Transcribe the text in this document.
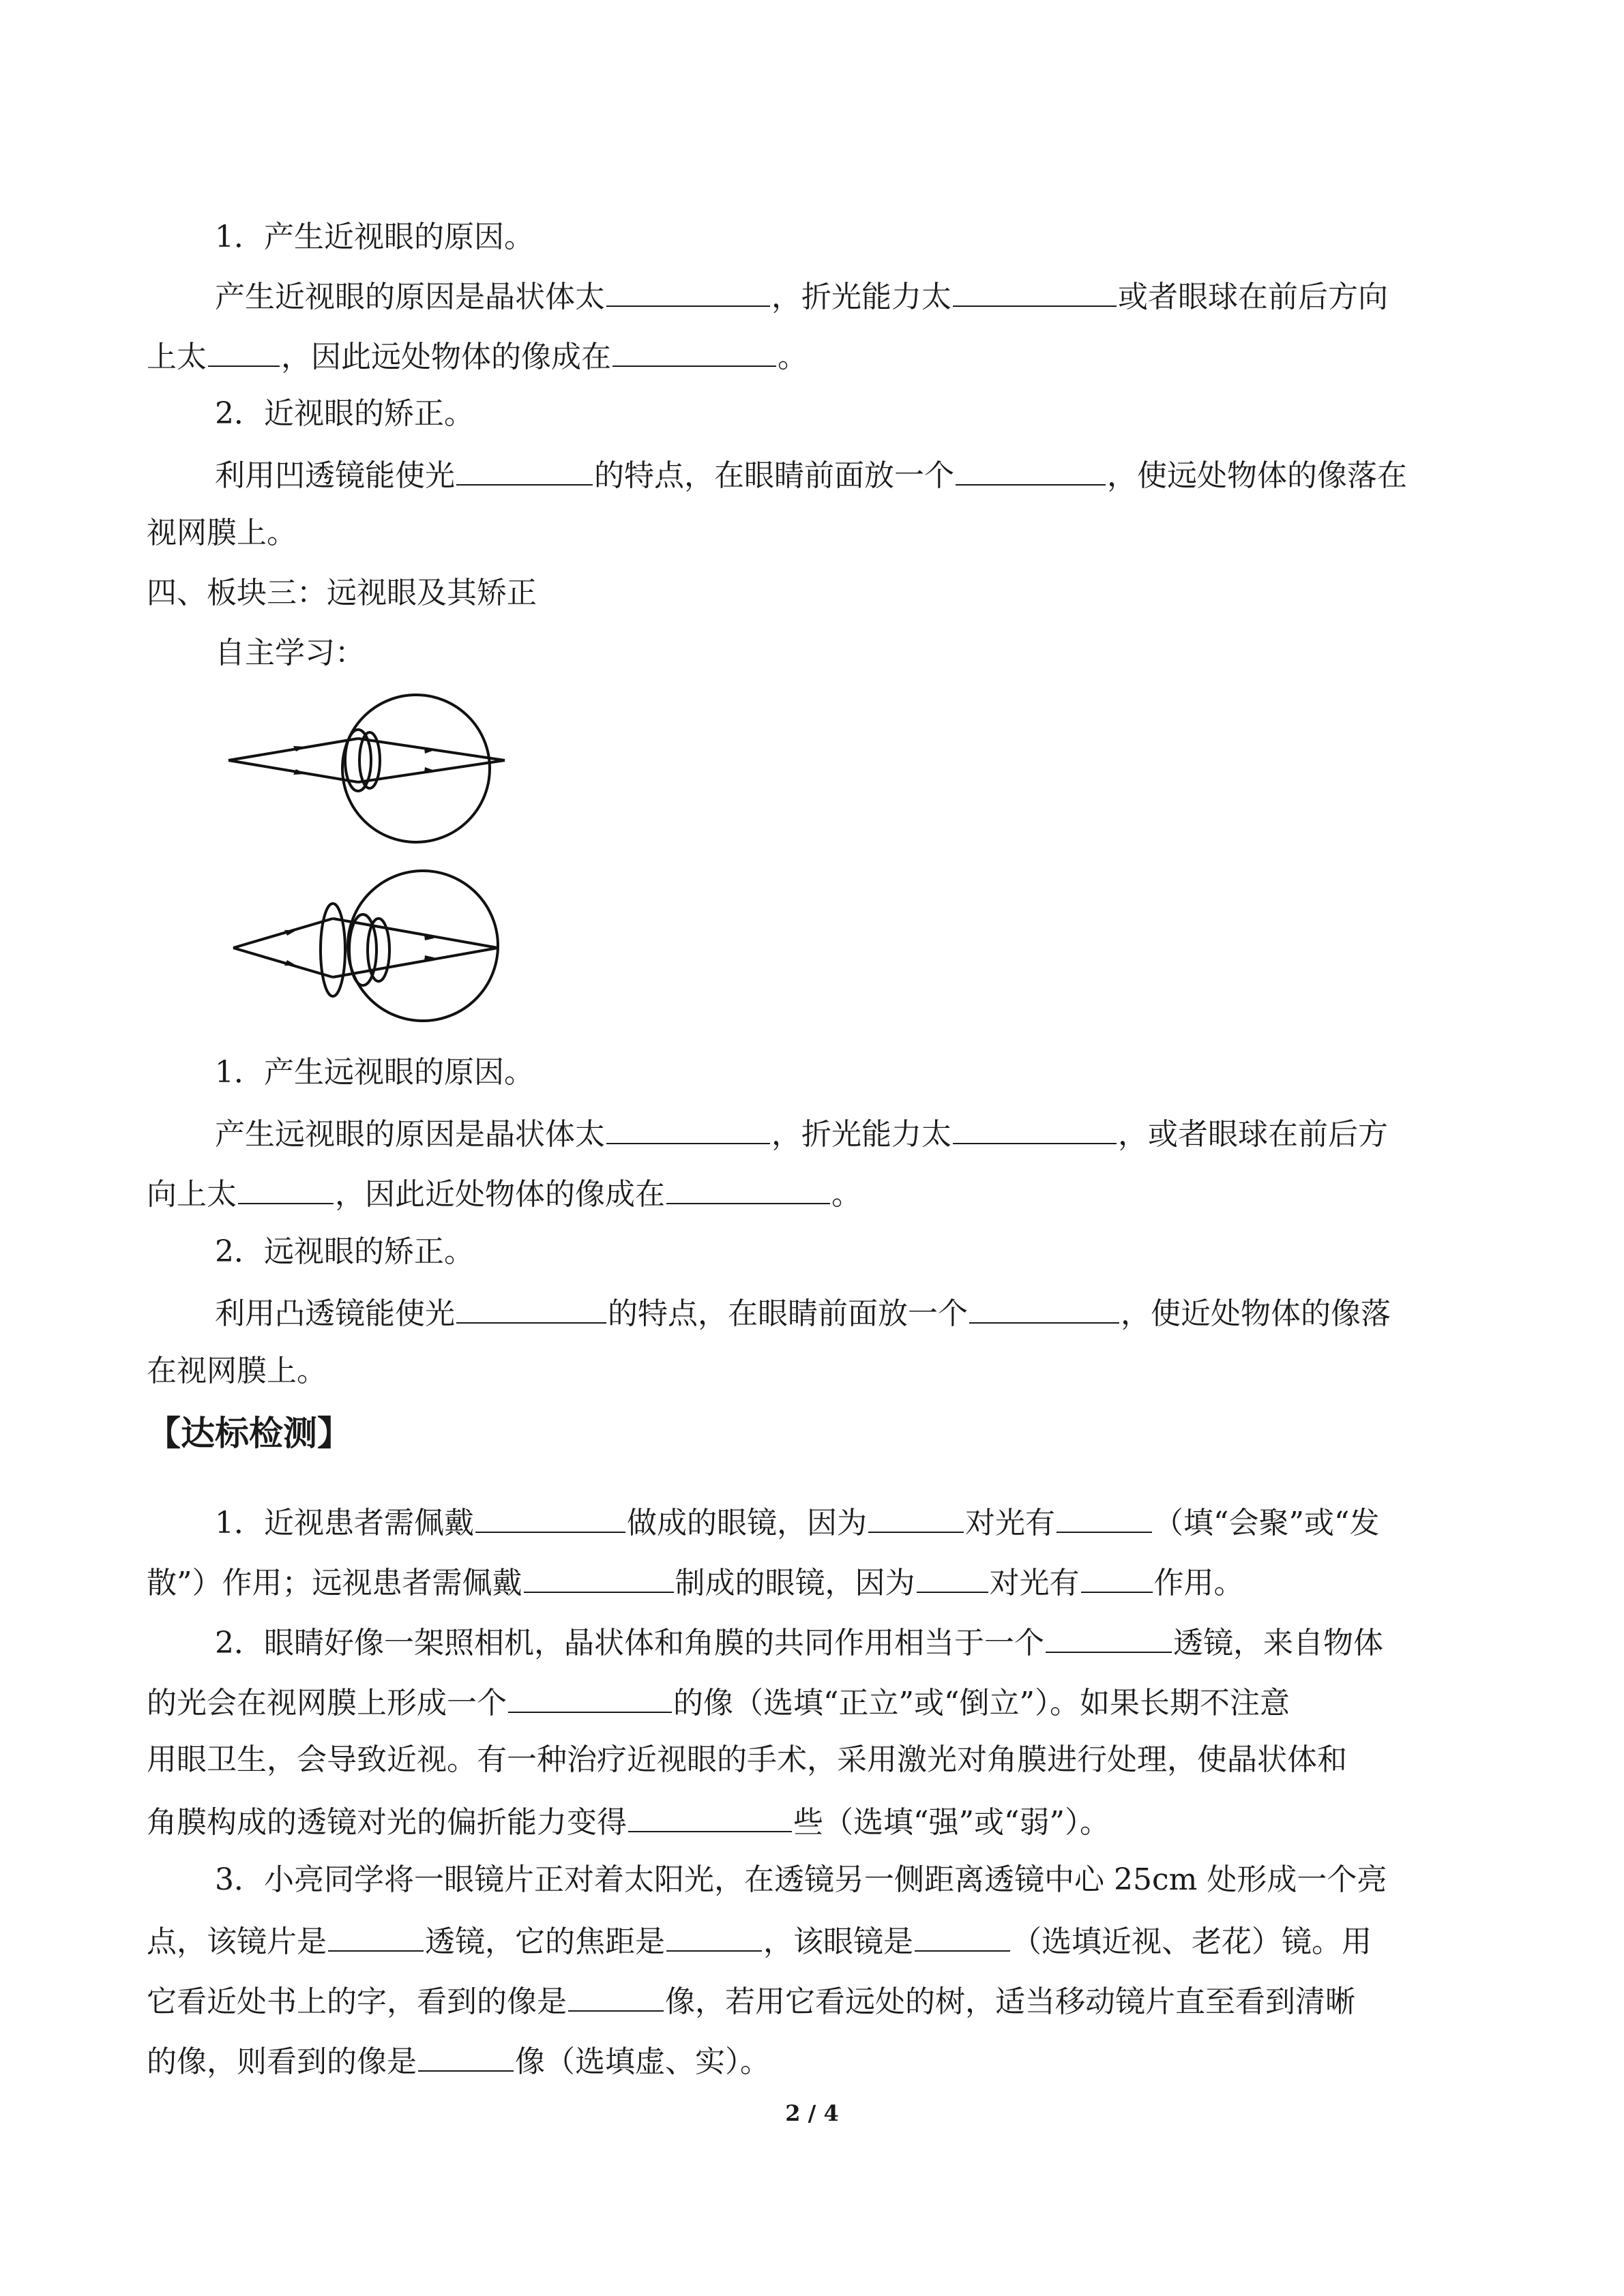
1．产生近视眼的原因。
产生近视眼的原因是晶状体太	，折光能力太	或者眼球在前后方向
上太 ，因此远处物体的像成在	。
2．近视眼的矫正。
利用凹透镜能使光	的特点，在眼睛前面放一个	，使远处物体的像落在
视网膜上。
四、板块三：远视眼及其矫正
自主学习：
1．产生远视眼的原因。
产生远视眼的原因是晶状体太	，折光能力太	，或者眼球在前后方
向上太	，因此近处物体的像成在	。
2．远视眼的矫正。
利用凸透镜能使光	的特点，在眼睛前面放一个	，使近处物体的像落
在视网膜上。
【达标检测】
1．近视患者需佩戴	做成的眼镜，因为	对光有	（填“会聚”或“发
散”）作用；远视患者需佩戴	制成的眼镜，因为 对光有 作用。
2．眼睛好像一架照相机，晶状体和角膜的共同作用相当于一个	透镜，来自物体
的光会在视网膜上形成一个	的像（选填“正立”或“倒立”）。如果长期不注意
用眼卫生，会导致近视。有一种治疗近视眼的手术，采用激光对角膜进行处理，使晶状体和
角膜构成的透镜对光的偏折能力变得	些（选填“强”或“弱”）。
3．小亮同学将一眼镜片正对着太阳光，在透镜另一侧距离透镜中心 25cm 处形成一个亮
点，该镜片是	透镜，它的焦距是	，该眼镜是	（选填近视、老花）镜。用
它看近处书上的字，看到的像是	像，若用它看远处的树，适当移动镜片直至看到清晰
的像，则看到的像是	像（选填虚、实）。
2 / 4
